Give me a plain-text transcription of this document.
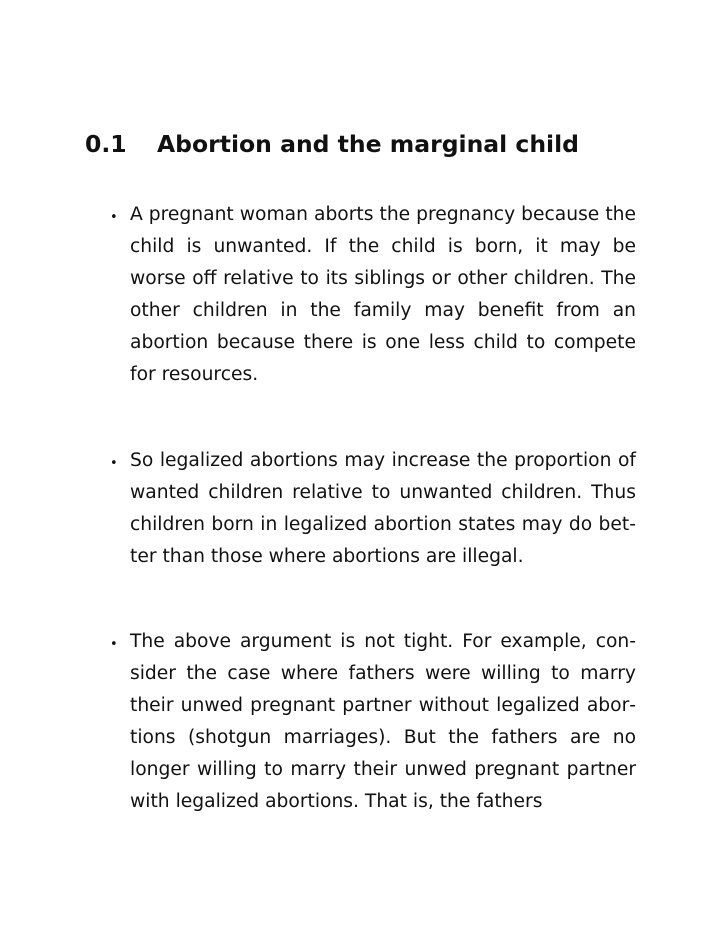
0.1 Abortion and the marginal child
• A pregnant woman aborts the pregnancy because the child is unwanted. If the child is born, it may be worse off relative to its siblings or other children. The other children in the family may benefit from an abortion because there is one less child to compete for resources.
• So legalized abortions may increase the proportion of wanted children relative to unwanted children. Thus children born in legalized abortion states may do better than those where abortions are illegal.
• The above argument is not tight. For example, consider the case where fathers were willing to marry their unwed pregnant partner without legalized abortions (shotgun marriages). But the fathers are no longer willing to marry their unwed pregnant partner with legalized abortions. That is, the fathers
